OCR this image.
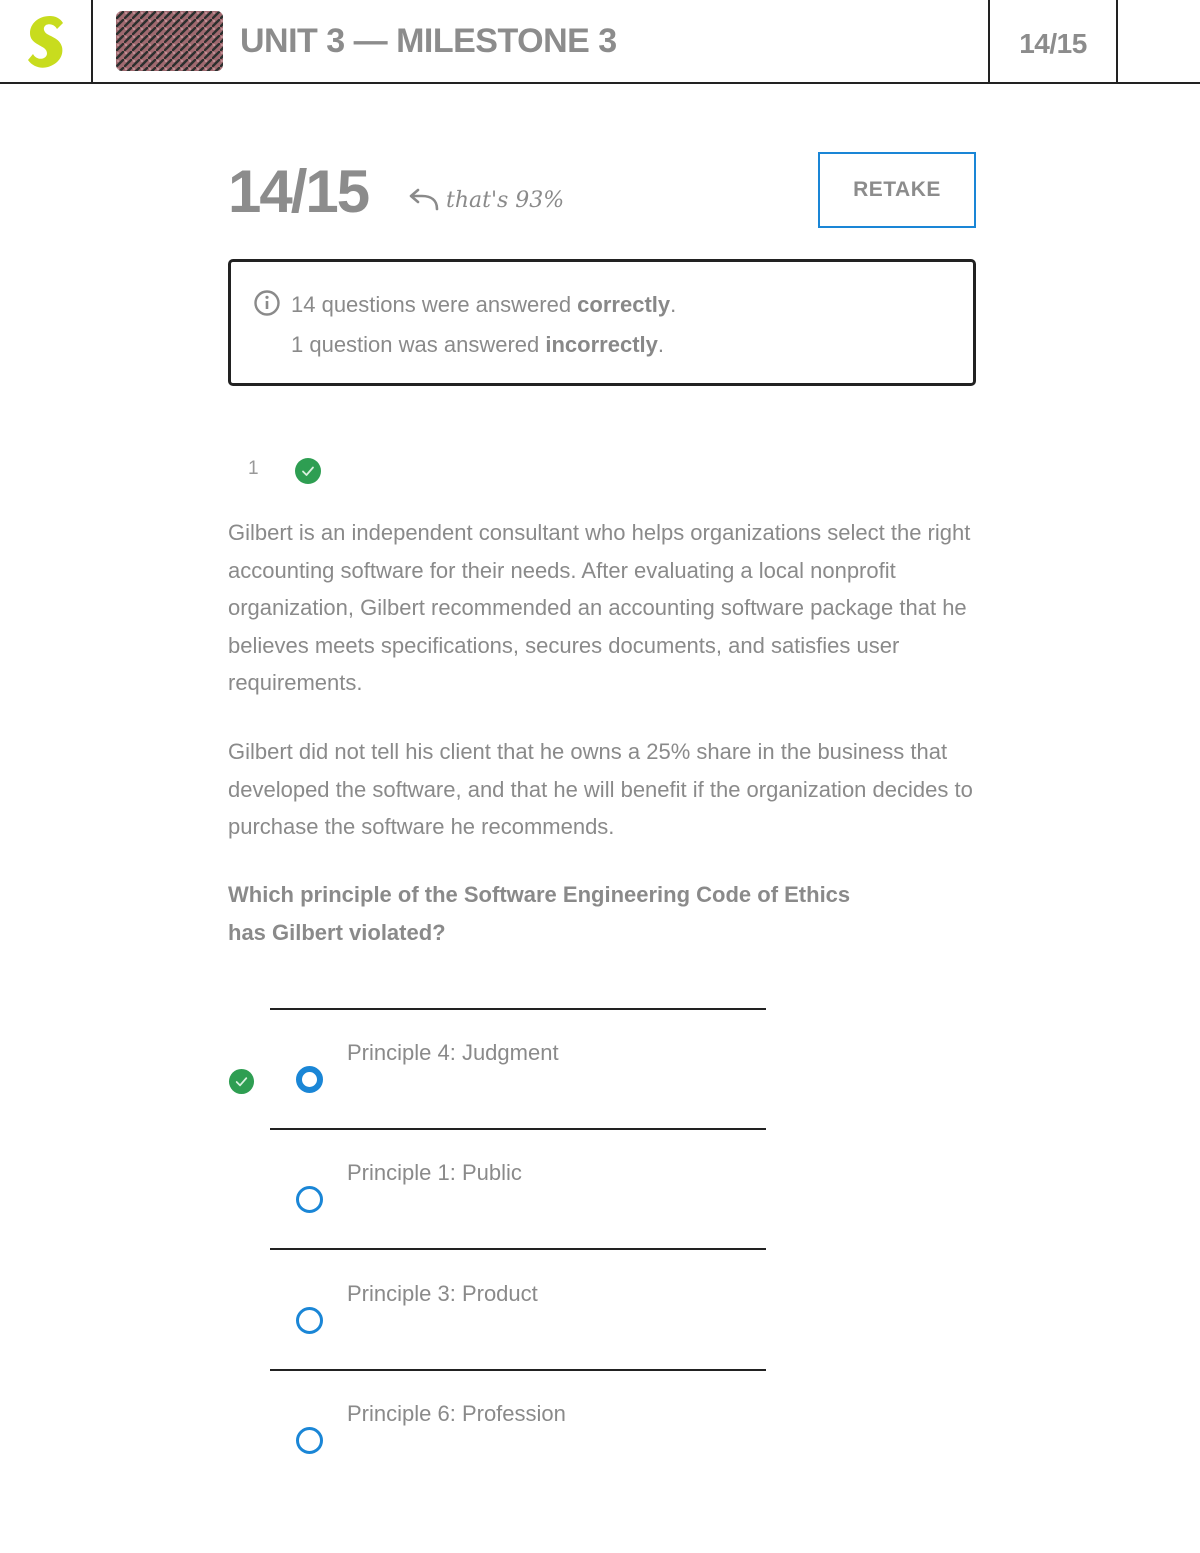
UNIT 3 — MILESTONE 3	14/15
14/15	that's 93%	RETAKE
14 questions were answered correctly.
1 question was answered incorrectly.
1
Gilbert is an independent consultant who helps organizations select the right accounting software for their needs. After evaluating a local nonprofit organization, Gilbert recommended an accounting software package that he believes meets specifications, secures documents, and satisfies user requirements.
Gilbert did not tell his client that he owns a 25% share in the business that developed the software, and that he will benefit if the organization decides to purchase the software he recommends.
Which principle of the Software Engineering Code of Ethics
has Gilbert violated?
Principle 4: Judgment
Principle 1: Public
Principle 3: Product
Principle 6: Profession
